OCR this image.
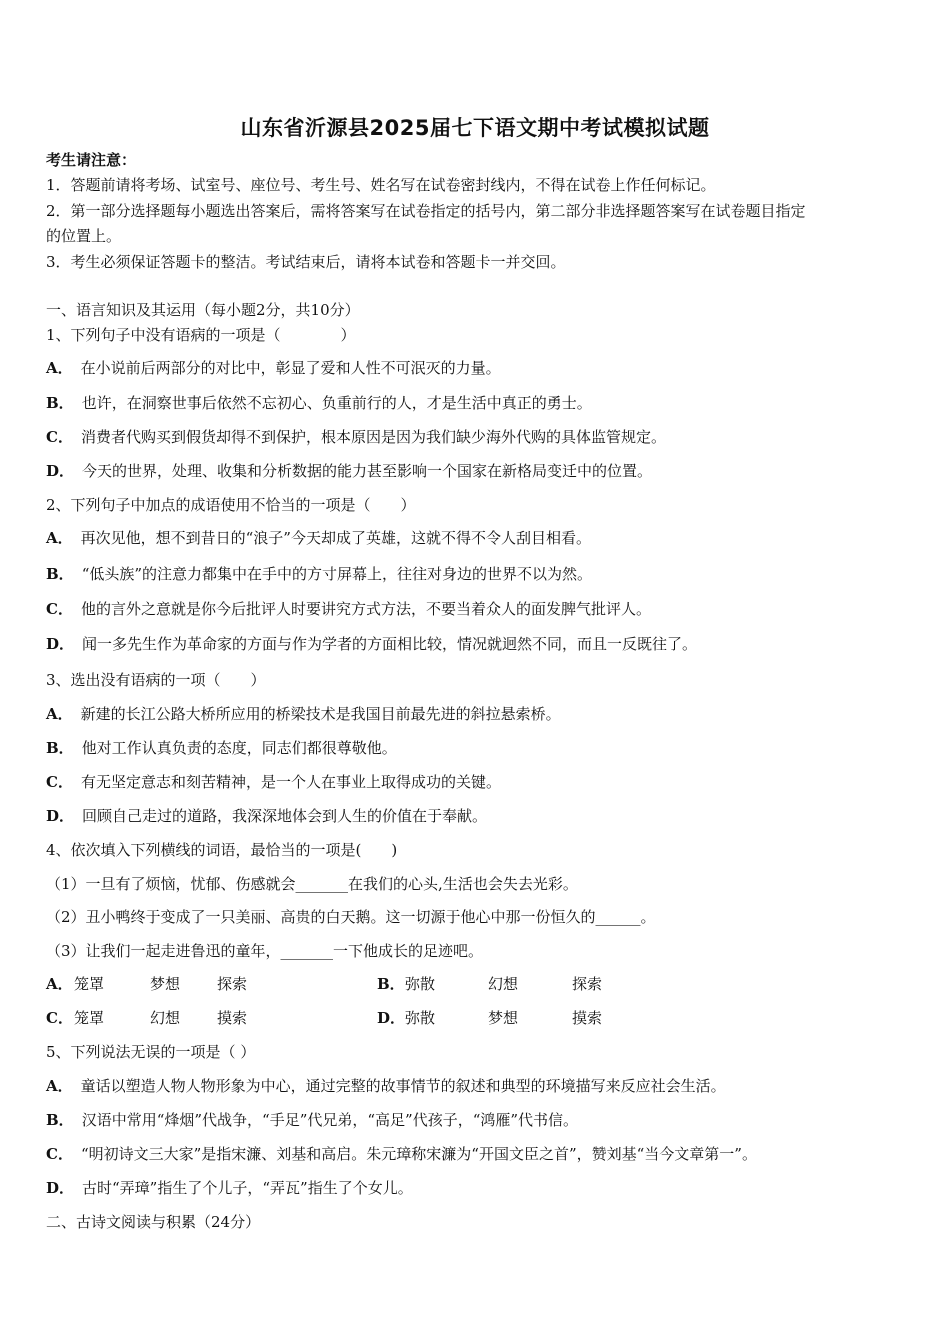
山东省沂源县2025届七下语文期中考试模拟试题
考生请注意：
1．答题前请将考场、试室号、座位号、考生号、姓名写在试卷密封线内，不得在试卷上作任何标记。
2．第一部分选择题每小题选出答案后，需将答案写在试卷指定的括号内，第二部分非选择题答案写在试卷题目指定
的位置上。
3．考生必须保证答题卡的整洁。考试结束后，请将本试卷和答题卡一并交回。
一、语言知识及其运用（每小题2分，共10分）
1、下列句子中没有语病的一项是（　　　　）
A． 在小说前后两部分的对比中，彰显了爱和人性不可泯灭的力量。
B． 也许，在洞察世事后依然不忘初心、负重前行的人，才是生活中真正的勇士。
C． 消费者代购买到假货却得不到保护，根本原因是因为我们缺少海外代购的具体监管规定。
D． 今天的世界，处理、收集和分析数据的能力甚至影响一个国家在新格局变迁中的位置。
2、下列句子中加点的成语使用不恰当的一项是（　　）
A． 再次见他，想不到昔日的“浪子”今天却成了英雄，这就不得不令人刮目相看。
B． “低头族”的注意力都集中在手中的方寸屏幕上，往往对身边的世界不以为然。
C． 他的言外之意就是你今后批评人时要讲究方式方法，不要当着众人的面发脾气批评人。
D． 闻一多先生作为革命家的方面与作为学者的方面相比较，情况就迥然不同，而且一反既往了。
3、选出没有语病的一项（　　）
A． 新建的长江公路大桥所应用的桥梁技术是我国目前最先进的斜拉悬索桥。
B． 他对工作认真负责的态度，同志们都很尊敬他。
C． 有无坚定意志和刻苦精神，是一个人在事业上取得成功的关键。
D． 回顾自己走过的道路，我深深地体会到人生的价值在于奉献。
4、依次填入下列横线的词语，最恰当的一项是(　　)
（1）一旦有了烦恼，忧郁、伤感就会_______在我们的心头,生活也会失去光彩。
（2）丑小鸭终于变成了一只美丽、高贵的白天鹅。这一切源于他心中那一份恒久的______。
（3）让我们一起走进鲁迅的童年，_______一下他成长的足迹吧。
A． 笼罩	梦想 探索	B． 弥散	幻想	探索
C． 笼罩	幻想 摸索	D． 弥散	梦想	摸索
5、下列说法无误的一项是（ ）
A． 童话以塑造人物人物形象为中心，通过完整的故事情节的叙述和典型的环境描写来反应社会生活。
B． 汉语中常用“烽烟”代战争，“手足”代兄弟，“高足”代孩子，“鸿雁”代书信。
C． “明初诗文三大家”是指宋濂、刘基和高启。朱元璋称宋濂为“开国文臣之首”，赞刘基“当今文章第一”。
D． 古时“弄璋”指生了个儿子，“弄瓦”指生了个女儿。
二、古诗文阅读与积累（24分）
